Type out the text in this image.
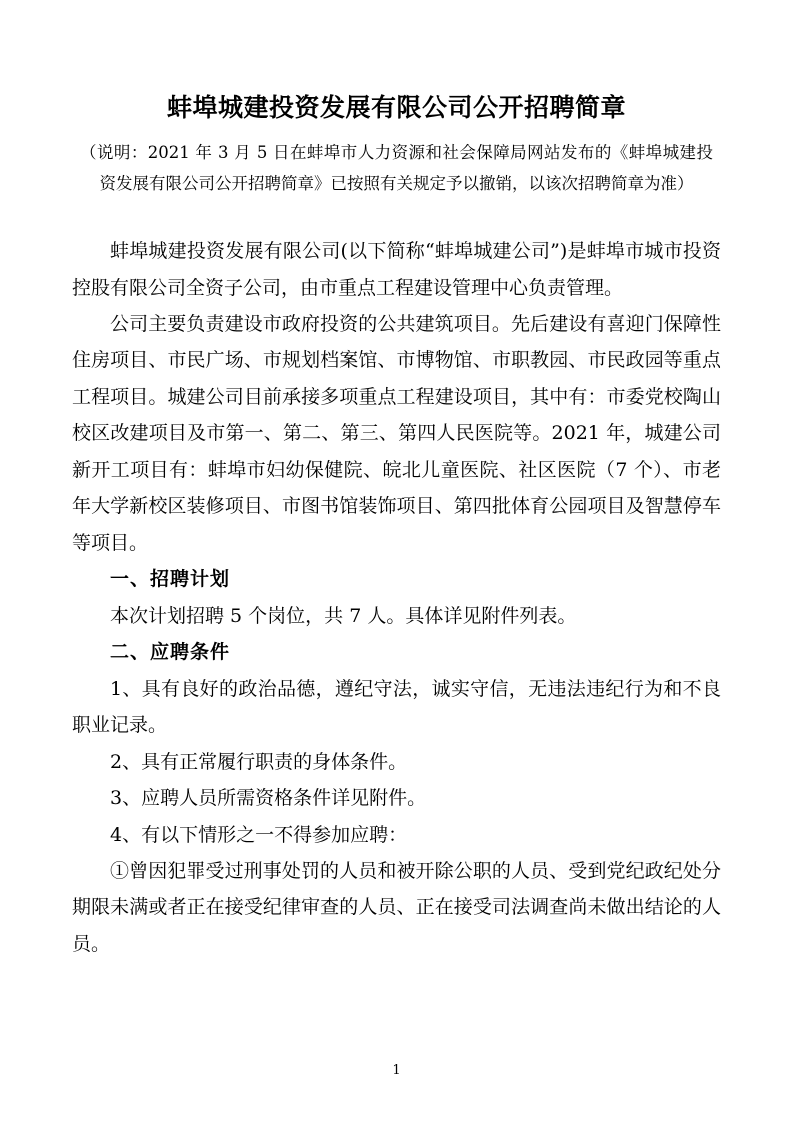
蚌埠城建投资发展有限公司公开招聘简章
（说明：2021 年 3 月 5 日在蚌埠市人力资源和社会保障局网站发布的《蚌埠城建投资发展有限公司公开招聘简章》已按照有关规定予以撤销，以该次招聘简章为准）

蚌埠城建投资发展有限公司(以下简称“蚌埠城建公司”)是蚌埠市城市投资控股有限公司全资子公司，由市重点工程建设管理中心负责管理。

公司主要负责建设市政府投资的公共建筑项目。先后建设有喜迎门保障性住房项目、市民广场、市规划档案馆、市博物馆、市职教园、市民政园等重点工程项目。城建公司目前承接多项重点工程建设项目，其中有：市委党校陶山校区改建项目及市第一、第二、第三、第四人民医院等。2021 年，城建公司新开工项目有：蚌埠市妇幼保健院、皖北儿童医院、社区医院（7 个）、市老年大学新校区装修项目、市图书馆装饰项目、第四批体育公园项目及智慧停车等项目。

一、招聘计划

本次计划招聘 5 个岗位，共 7 人。具体详见附件列表。

二、应聘条件

1、具有良好的政治品德，遵纪守法，诚实守信，无违法违纪行为和不良职业记录。

2、具有正常履行职责的身体条件。

3、应聘人员所需资格条件详见附件。

4、有以下情形之一不得参加应聘：

①曾因犯罪受过刑事处罚的人员和被开除公职的人员、受到党纪政纪处分期限未满或者正在接受纪律审查的人员、正在接受司法调查尚未做出结论的人员。

1
